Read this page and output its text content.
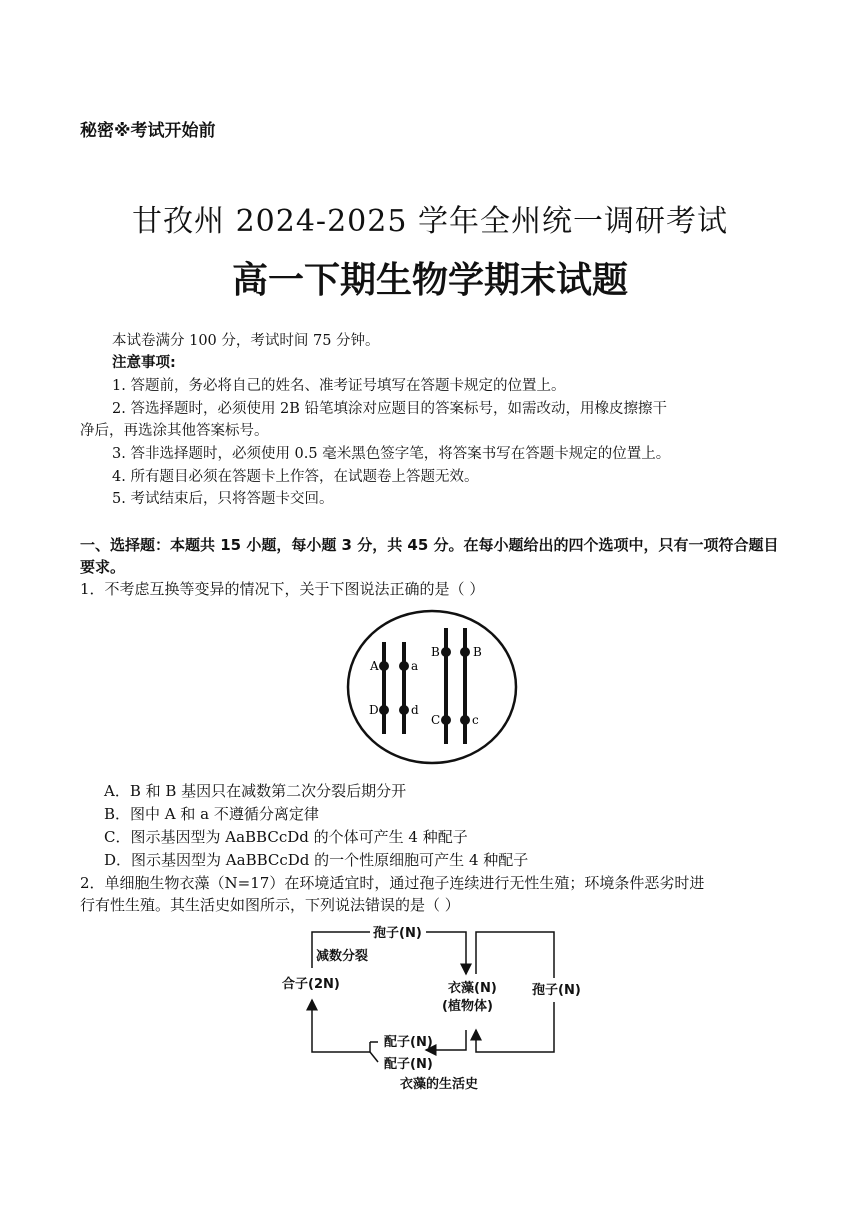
秘密※考试开始前
甘孜州 2024-2025 学年全州统一调研考试
高一下期生物学期末试题
本试卷满分 100 分，考试时间 75 分钟。
注意事项:
1. 答题前，务必将自己的姓名、准考证号填写在答题卡规定的位置上。
2. 答选择题时，必须使用 2B 铅笔填涂对应题目的答案标号，如需改动，用橡皮擦擦干
净后，再选涂其他答案标号。
3. 答非选择题时，必须使用 0.5 毫米黑色签字笔，将答案书写在答题卡规定的位置上。
4. 所有题目必须在答题卡上作答，在试题卷上答题无效。
5. 考试结束后，只将答题卡交回。
一、选择题：本题共 15 小题，每小题 3 分，共 45 分。在每小题给出的四个选项中，只有一项符合题目要求。
1．不考虑互换等变异的情况下，关于下图说法正确的是（ ）
A	a
D	d
B	B
C	c
A．B 和 B 基因只在减数第二次分裂后期分开
B．图中 A 和 a 不遵循分离定律
C．图示基因型为 AaBBCcDd 的个体可产生 4 种配子
D．图示基因型为 AaBBCcDd 的一个性原细胞可产生 4 种配子
2．单细胞生物衣藻（N=17）在环境适宜时，通过孢子连续进行无性生殖；环境条件恶劣时进
行有性生殖。其生活史如图所示，下列说法错误的是（ ）
孢子(N)
减数分裂
合子(2N)	衣藻(N)
(植物体)
孢子(N)
配子(N)
配子(N)
衣藻的生活史
